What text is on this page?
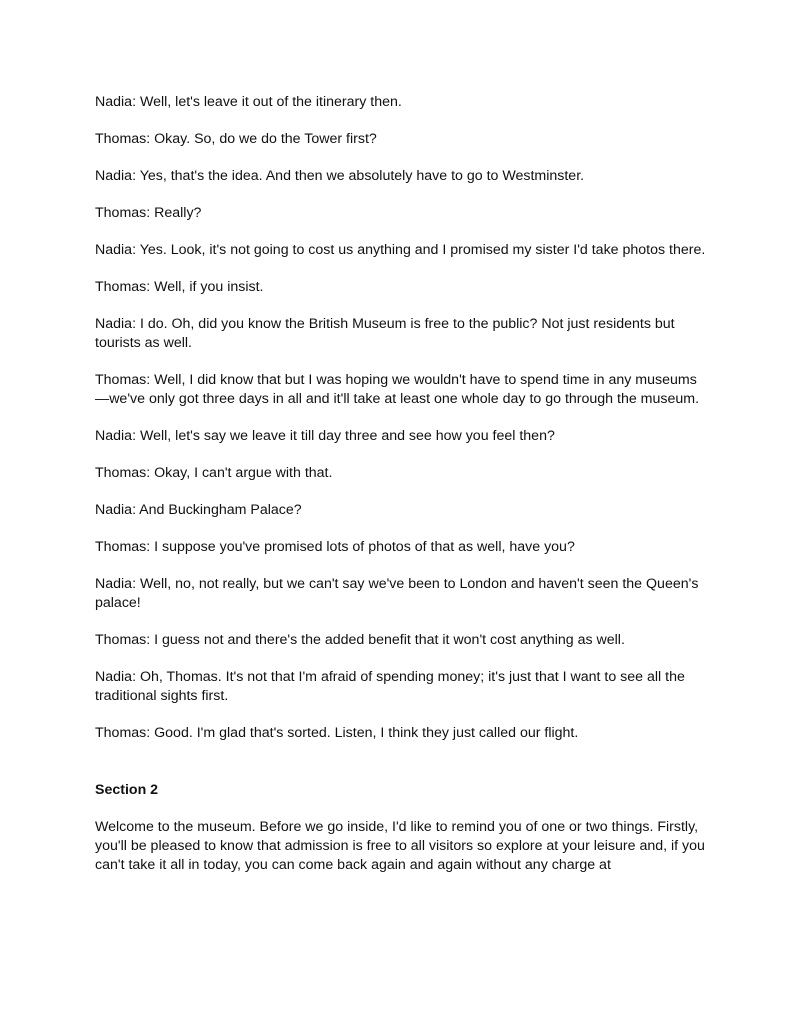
Nadia: Well, let's leave it out of the itinerary then.

Thomas: Okay. So, do we do the Tower first?

Nadia: Yes, that's the idea. And then we absolutely have to go to Westminster.

Thomas: Really?

Nadia: Yes. Look, it's not going to cost us anything and I promised my sister I'd take photos there.

Thomas: Well, if you insist.

Nadia: I do. Oh, did you know the British Museum is free to the public? Not just residents but tourists as well.

Thomas: Well, I did know that but I was hoping we wouldn't have to spend time in any museums —we've only got three days in all and it'll take at least one whole day to go through the museum.

Nadia: Well, let's say we leave it till day three and see how you feel then?

Thomas: Okay, I can't argue with that.

Nadia: And Buckingham Palace?

Thomas: I suppose you've promised lots of photos of that as well, have you?

Nadia: Well, no, not really, but we can't say we've been to London and haven't seen the Queen's palace!

Thomas: I guess not and there's the added benefit that it won't cost anything as well.

Nadia: Oh, Thomas. It's not that I'm afraid of spending money; it's just that I want to see all the traditional sights first.

Thomas: Good. I'm glad that's sorted. Listen, I think they just called our flight.

Section 2

Welcome to the museum. Before we go inside, I'd like to remind you of one or two things. Firstly, you'll be pleased to know that admission is free to all visitors so explore at your leisure and, if you can't take it all in today, you can come back again and again without any charge at
